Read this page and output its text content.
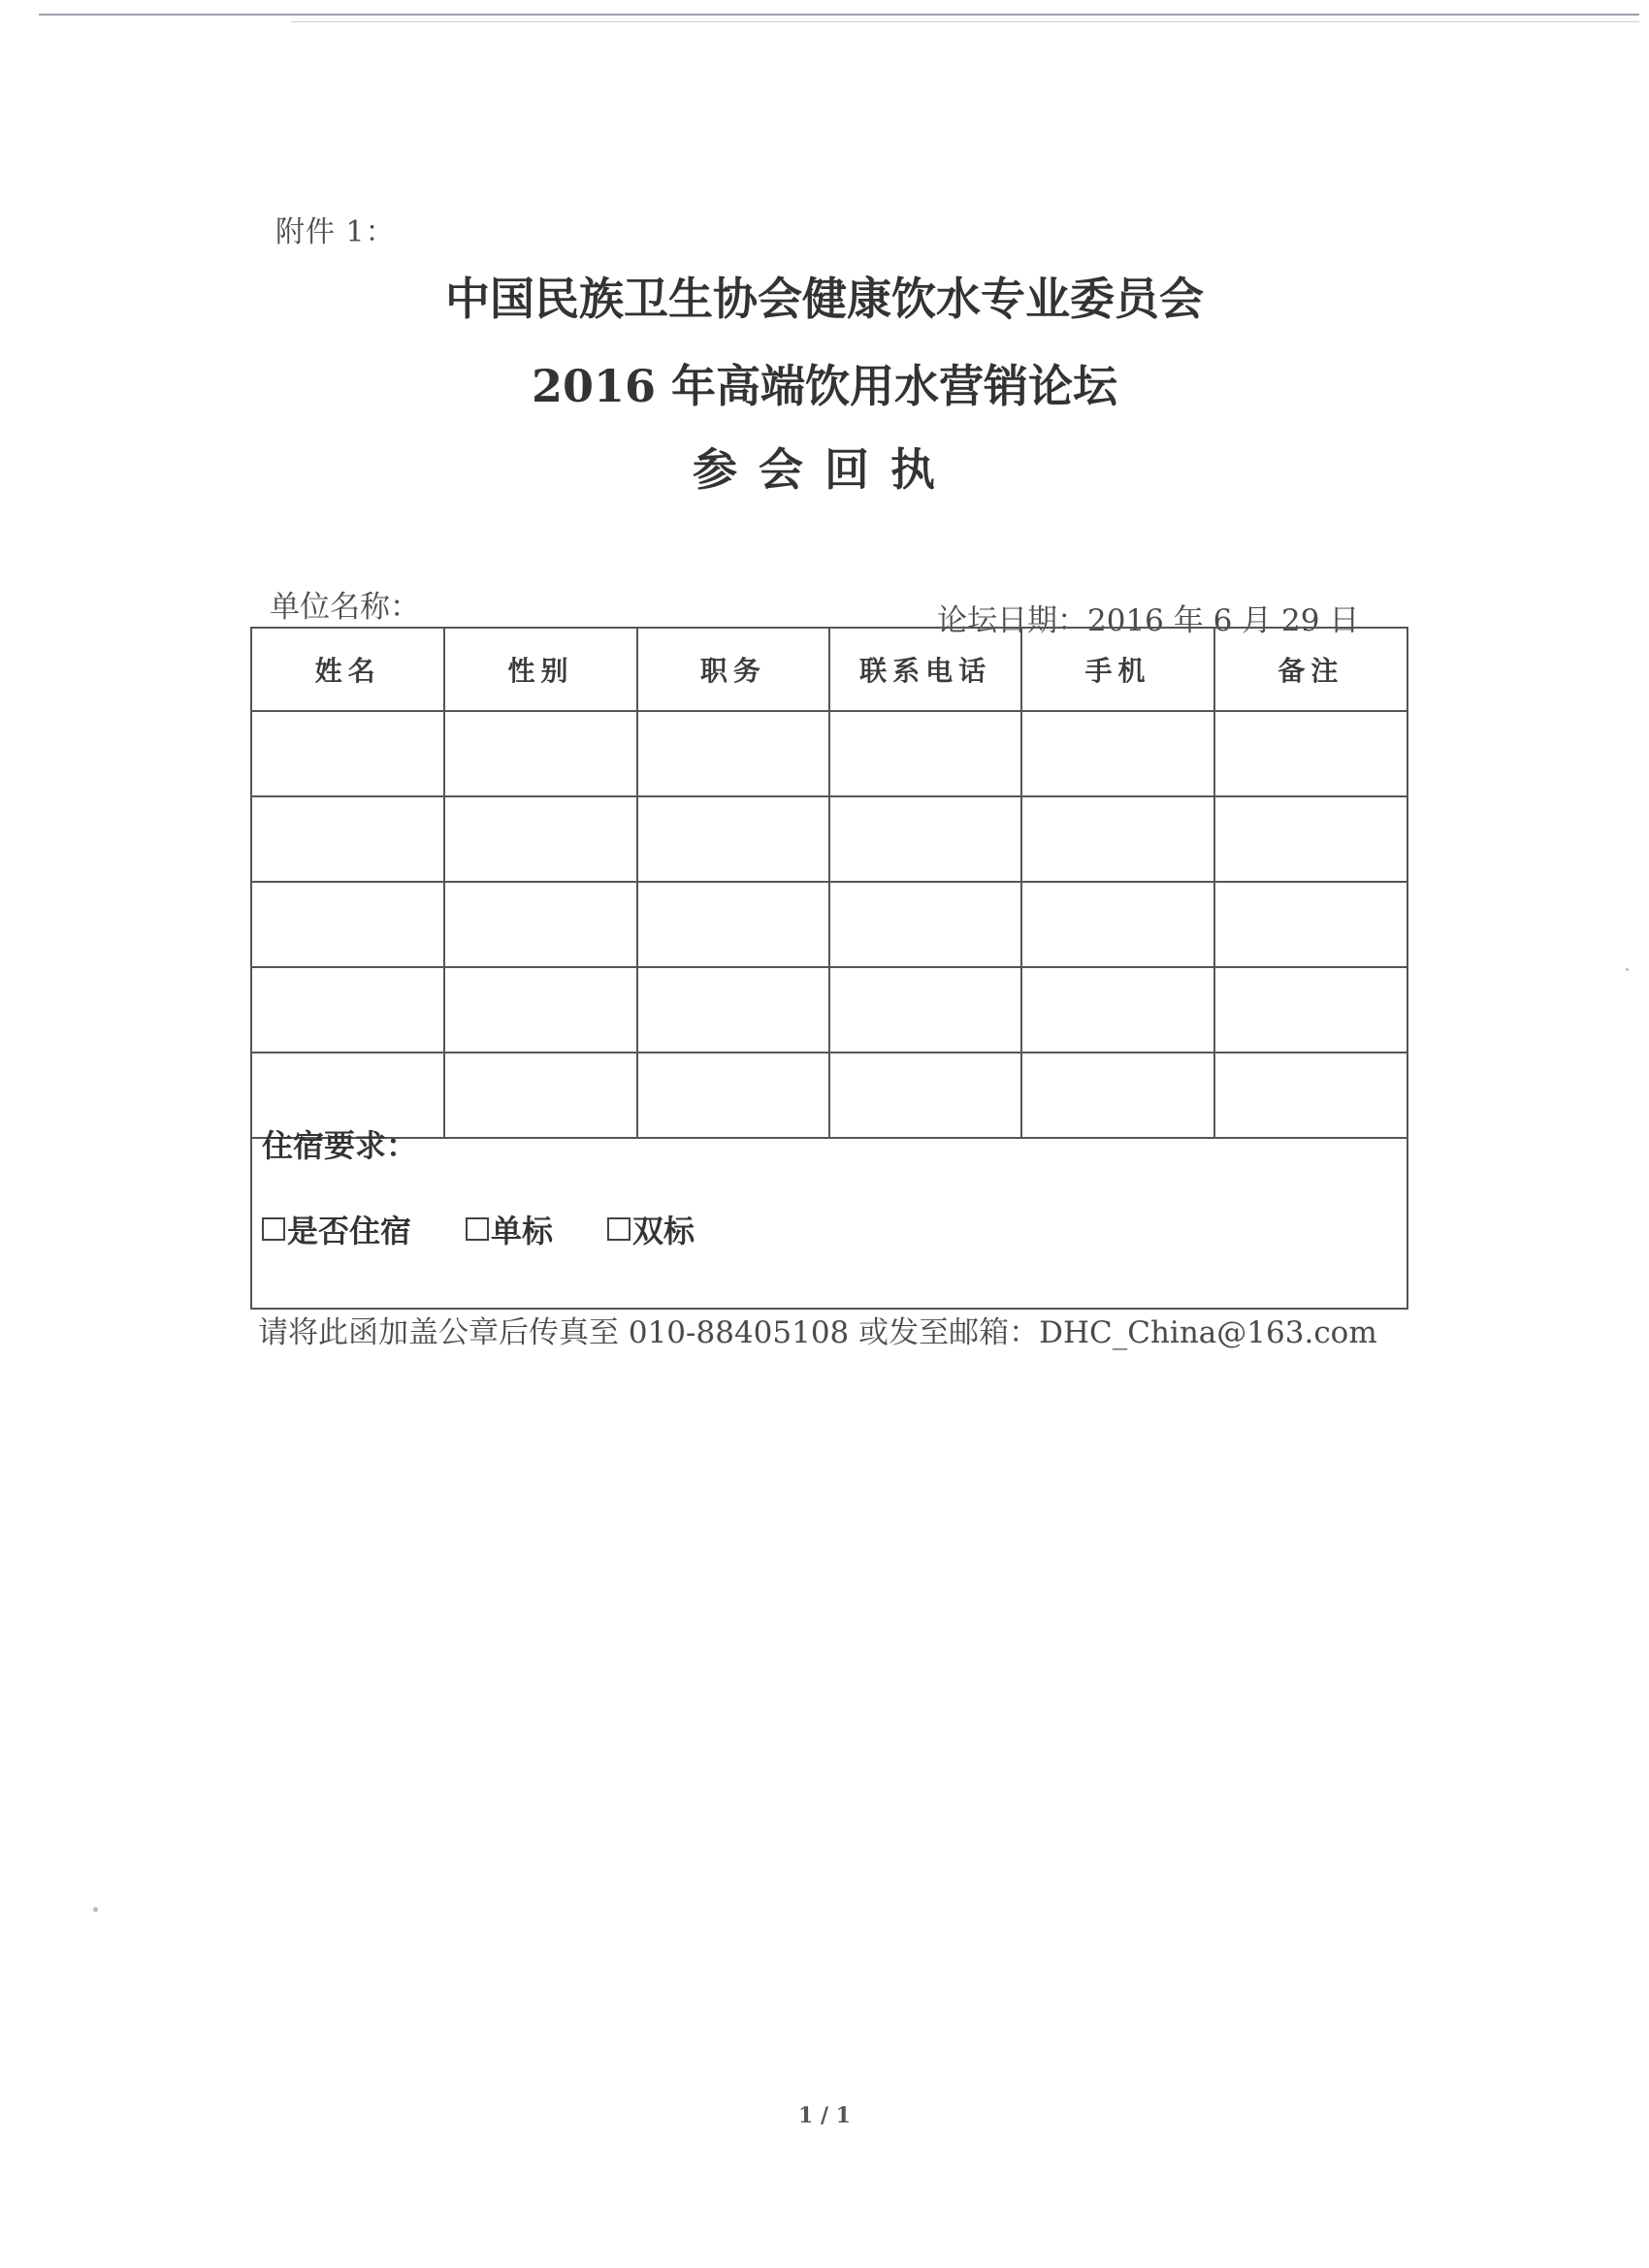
附件 1：
中国民族卫生协会健康饮水专业委员会
2016 年高端饮用水营销论坛
参会回执
单位名称：	论坛日期：2016 年 6 月 29 日
姓名	性别	职务	联系电话	手机	备注

住宿要求：
是否住宿	单标	双标
请将此函加盖公章后传真至 010-88405108 或发至邮箱：DHC_China@163.com
1 / 1
